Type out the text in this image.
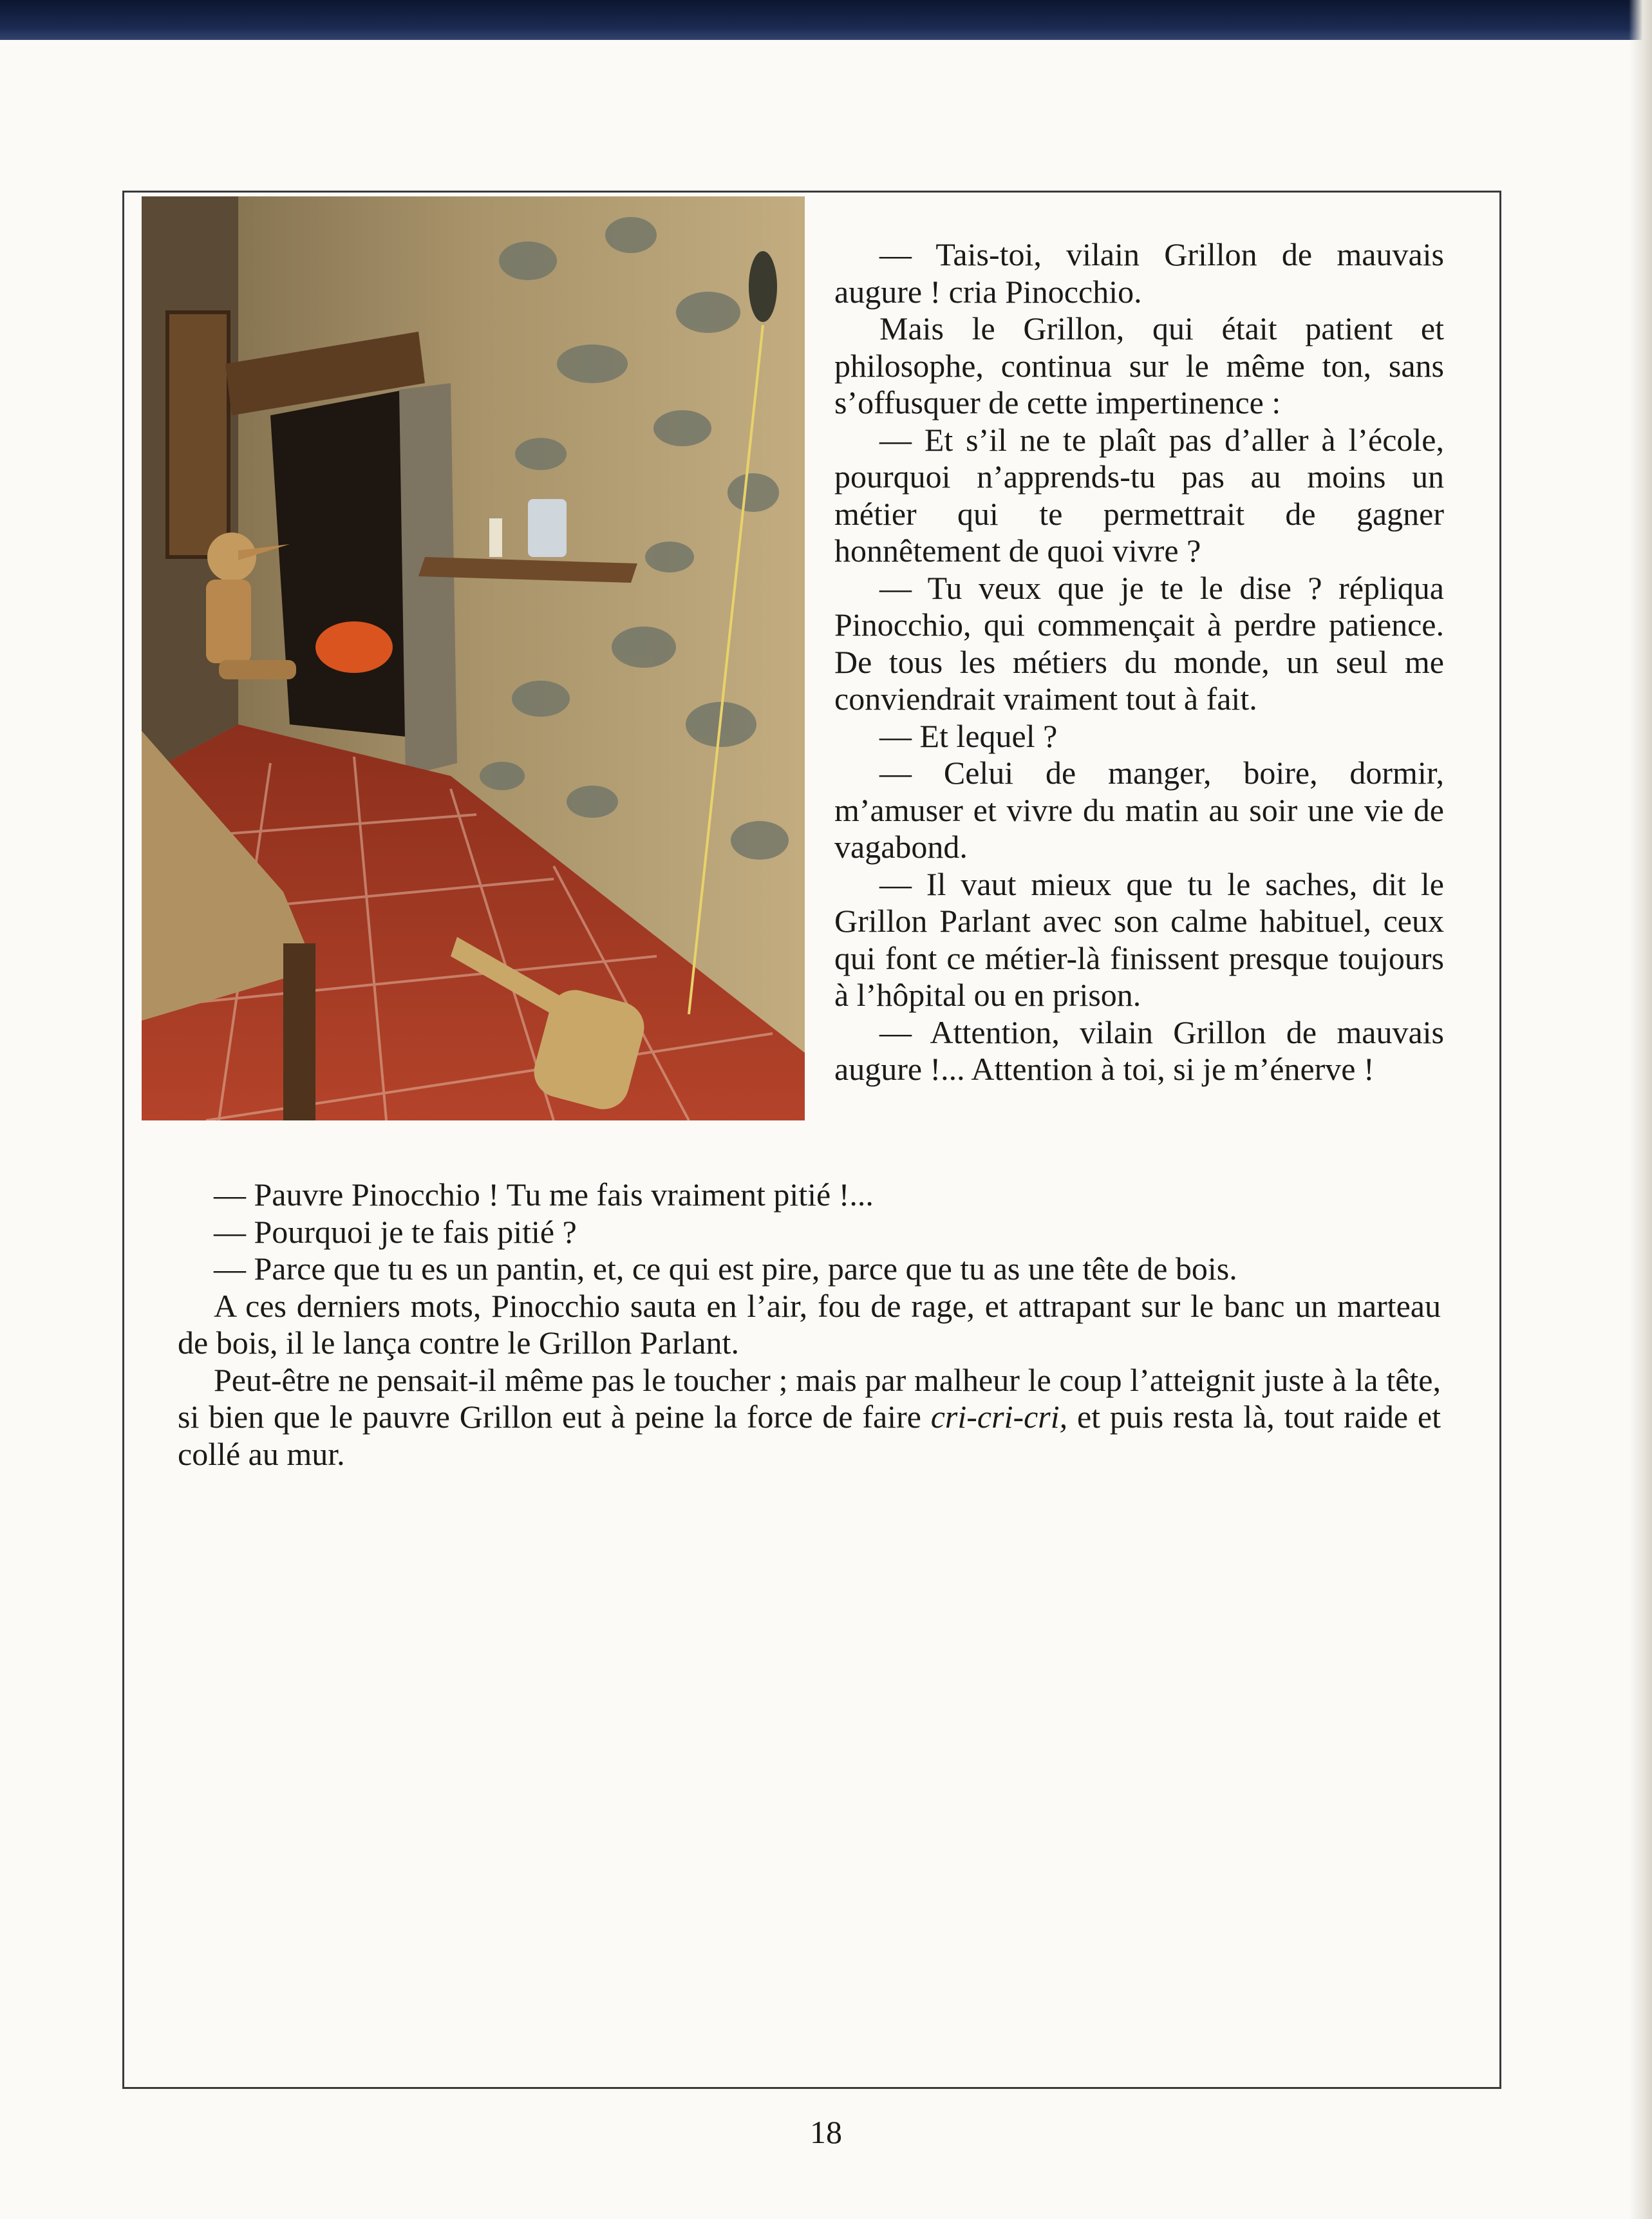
— Tais-toi, vilain Grillon de mauvais augure ! cria Pinocchio.

Mais le Grillon, qui était patient et philosophe, continua sur le même ton, sans s’offusquer de cette impertinence :

— Et s’il ne te plaît pas d’aller à l’école, pourquoi n’apprends-tu pas au moins un métier qui te permettrait de gagner honnêtement de quoi vivre ?

— Tu veux que je te le dise ? répliqua Pinocchio, qui commençait à perdre patience. De tous les métiers du monde, un seul me conviendrait vraiment tout à fait.

— Et lequel ?

— Celui de manger, boire, dormir, m’amuser et vivre du matin au soir une vie de vagabond.

— Il vaut mieux que tu le saches, dit le Grillon Parlant avec son calme habituel, ceux qui font ce métier-là finissent presque toujours à l’hôpital ou en prison.

— Attention, vilain Grillon de mauvais augure !... Attention à toi, si je m’énerve !

— Pauvre Pinocchio ! Tu me fais vraiment pitié !...

— Pourquoi je te fais pitié ?

— Parce que tu es un pantin, et, ce qui est pire, parce que tu as une tête de bois.

A ces derniers mots, Pinocchio sauta en l’air, fou de rage, et attrapant sur le banc un marteau de bois, il le lança contre le Grillon Parlant.

Peut-être ne pensait-il même pas le toucher ; mais par malheur le coup l’atteignit juste à la tête, si bien que le pauvre Grillon eut à peine la force de faire cri-cri-cri, et puis resta là, tout raide et collé au mur.

18
